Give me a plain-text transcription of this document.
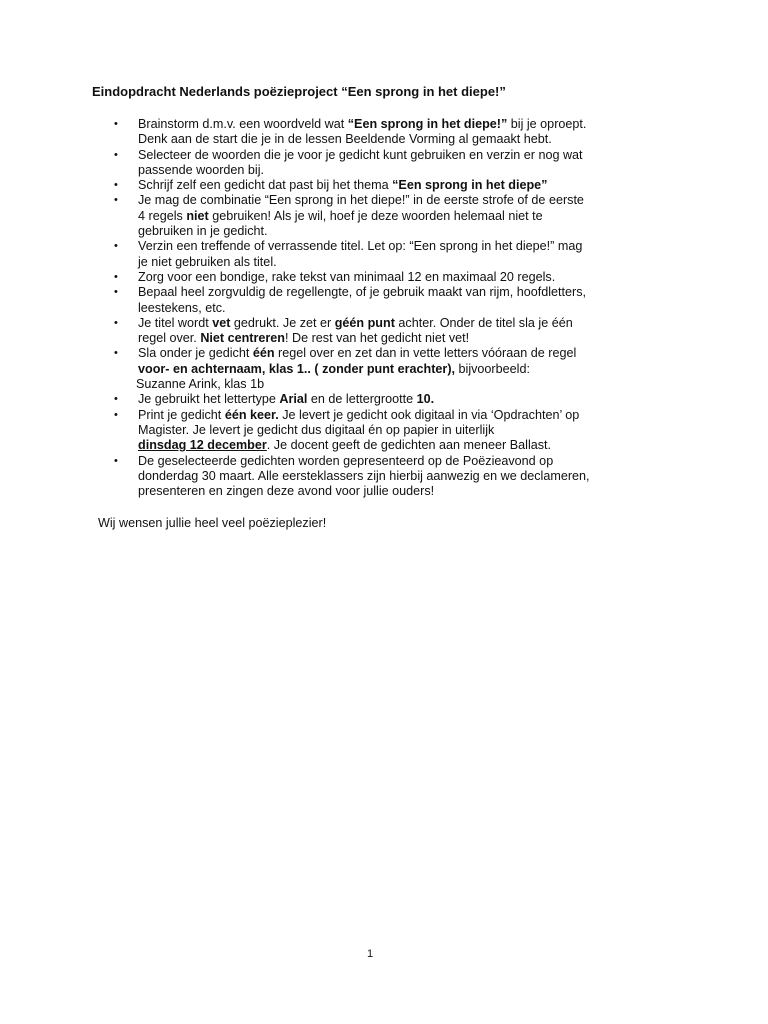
Eindopdracht Nederlands poëzieproject “Een sprong in het diepe!”
• Brainstorm d.m.v. een woordveld wat “Een sprong in het diepe!” bij je oproept.
Denk aan de start die je in de lessen Beeldende Vorming al gemaakt hebt.
• Selecteer de woorden die je voor je gedicht kunt gebruiken en verzin er nog wat
passende woorden bij.
• Schrijf zelf een gedicht dat past bij het thema “Een sprong in het diepe”
• Je mag de combinatie “Een sprong in het diepe!” in de eerste strofe of de eerste
4 regels niet gebruiken! Als je wil, hoef je deze woorden helemaal niet te
gebruiken in je gedicht.
• Verzin een treffende of verrassende titel. Let op: “Een sprong in het diepe!” mag
je niet gebruiken als titel.
• Zorg voor een bondige, rake tekst van minimaal 12 en maximaal 20 regels.
• Bepaal heel zorgvuldig de regellengte, of je gebruik maakt van rijm, hoofdletters,
leestekens, etc.
• Je titel wordt vet gedrukt. Je zet er géén punt achter. Onder de titel sla je één
regel over. Niet centreren! De rest van het gedicht niet vet!
• Sla onder je gedicht één regel over en zet dan in vette letters vóóraan de regel
voor- en achternaam, klas 1.. ( zonder punt erachter), bijvoorbeeld:
Suzanne Arink, klas 1b
• Je gebruikt het lettertype Arial en de lettergrootte 10.
• Print je gedicht één keer. Je levert je gedicht ook digitaal in via ‘Opdrachten’ op
Magister. Je levert je gedicht dus digitaal én op papier in uiterlijk
dinsdag 12 december. Je docent geeft de gedichten aan meneer Ballast.
• De geselecteerde gedichten worden gepresenteerd op de Poëzieavond op
donderdag 30 maart. Alle eersteklassers zijn hierbij aanwezig en we declameren,
presenteren en zingen deze avond voor jullie ouders!
Wij wensen jullie heel veel poëzieplezier!
1
